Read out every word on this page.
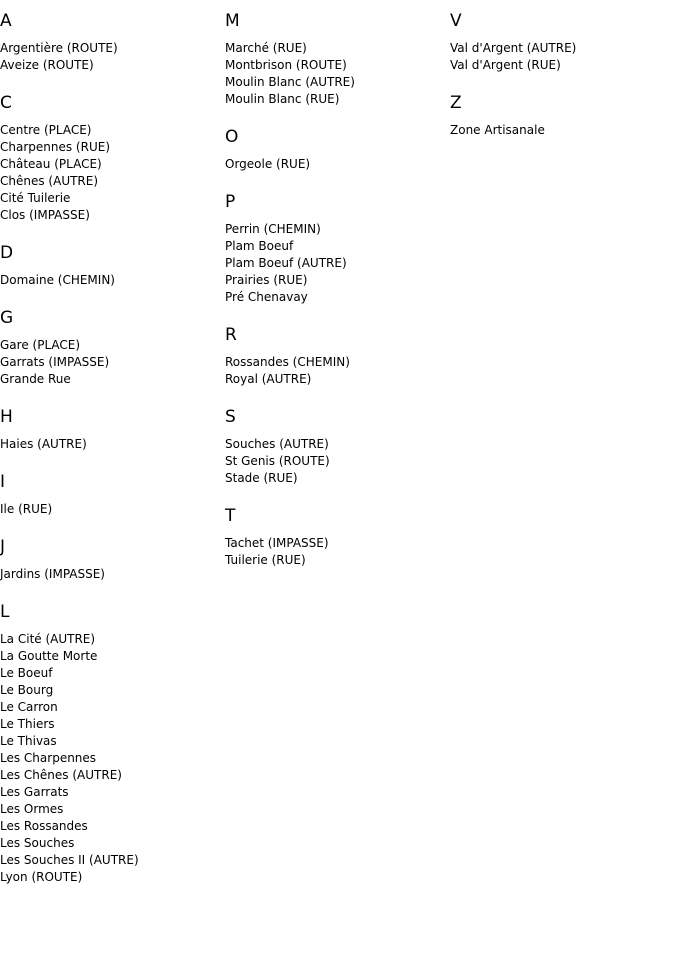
A
Argentière (ROUTE)
Aveize (ROUTE)
C
Centre (PLACE)
Charpennes (RUE)
Château (PLACE)
Chênes (AUTRE)
Cité Tuilerie
Clos (IMPASSE)
D
Domaine (CHEMIN)
G
Gare (PLACE)
Garrats (IMPASSE)
Grande Rue
H
Haies (AUTRE)
I
Ile (RUE)
J
Jardins (IMPASSE)
L
La Cité (AUTRE)
La Goutte Morte
Le Boeuf
Le Bourg
Le Carron
Le Thiers
Le Thivas
Les Charpennes
Les Chênes (AUTRE)
Les Garrats
Les Ormes
Les Rossandes
Les Souches
Les Souches II (AUTRE)
Lyon (ROUTE)
M
Marché (RUE)
Montbrison (ROUTE)
Moulin Blanc (AUTRE)
Moulin Blanc (RUE)
O
Orgeole (RUE)
P
Perrin (CHEMIN)
Plam Boeuf
Plam Boeuf (AUTRE)
Prairies (RUE)
Pré Chenavay
R
Rossandes (CHEMIN)
Royal (AUTRE)
S
Souches (AUTRE)
St Genis (ROUTE)
Stade (RUE)
T
Tachet (IMPASSE)
Tuilerie (RUE)
V
Val d'Argent (AUTRE)
Val d'Argent (RUE)
Z
Zone Artisanale
